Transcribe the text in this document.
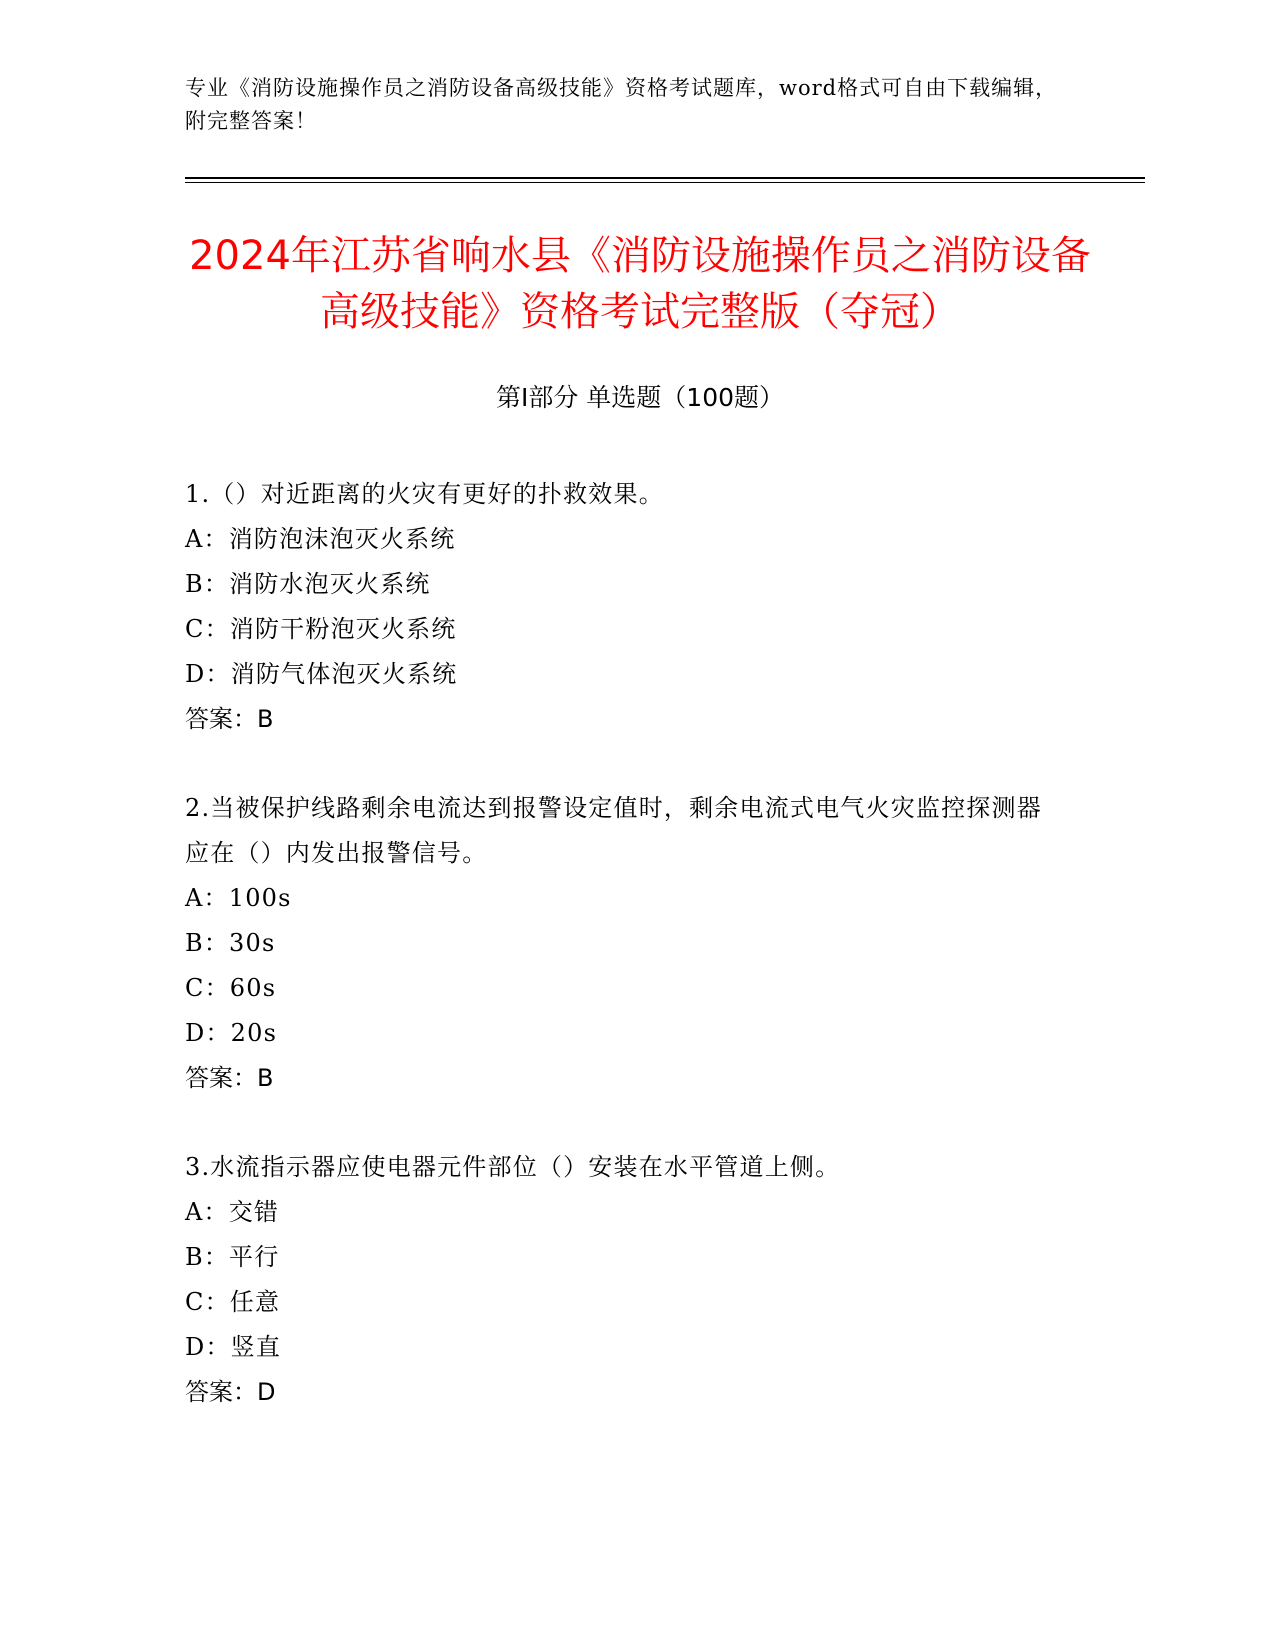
专业《消防设施操作员之消防设备高级技能》资格考试题库，word格式可自由下载编辑，附完整答案！
2024年江苏省响水县《消防设施操作员之消防设备高级技能》资格考试完整版（夺冠）
第Ⅰ部分 单选题（100题）

1.（）对近距离的火灾有更好的扑救效果。

A：消防泡沫泡灭火系统

B：消防水泡灭火系统

C：消防干粉泡灭火系统

D：消防气体泡灭火系统

答案：B

2.当被保护线路剩余电流达到报警设定值时，剩余电流式电气火灾监控探测器应在（）内发出报警信号。

A：100s

B：30s

C：60s

D：20s

答案：B

3.水流指示器应使电器元件部位（）安装在水平管道上侧。

A：交错

B：平行

C：任意

D：竖直

答案：D
